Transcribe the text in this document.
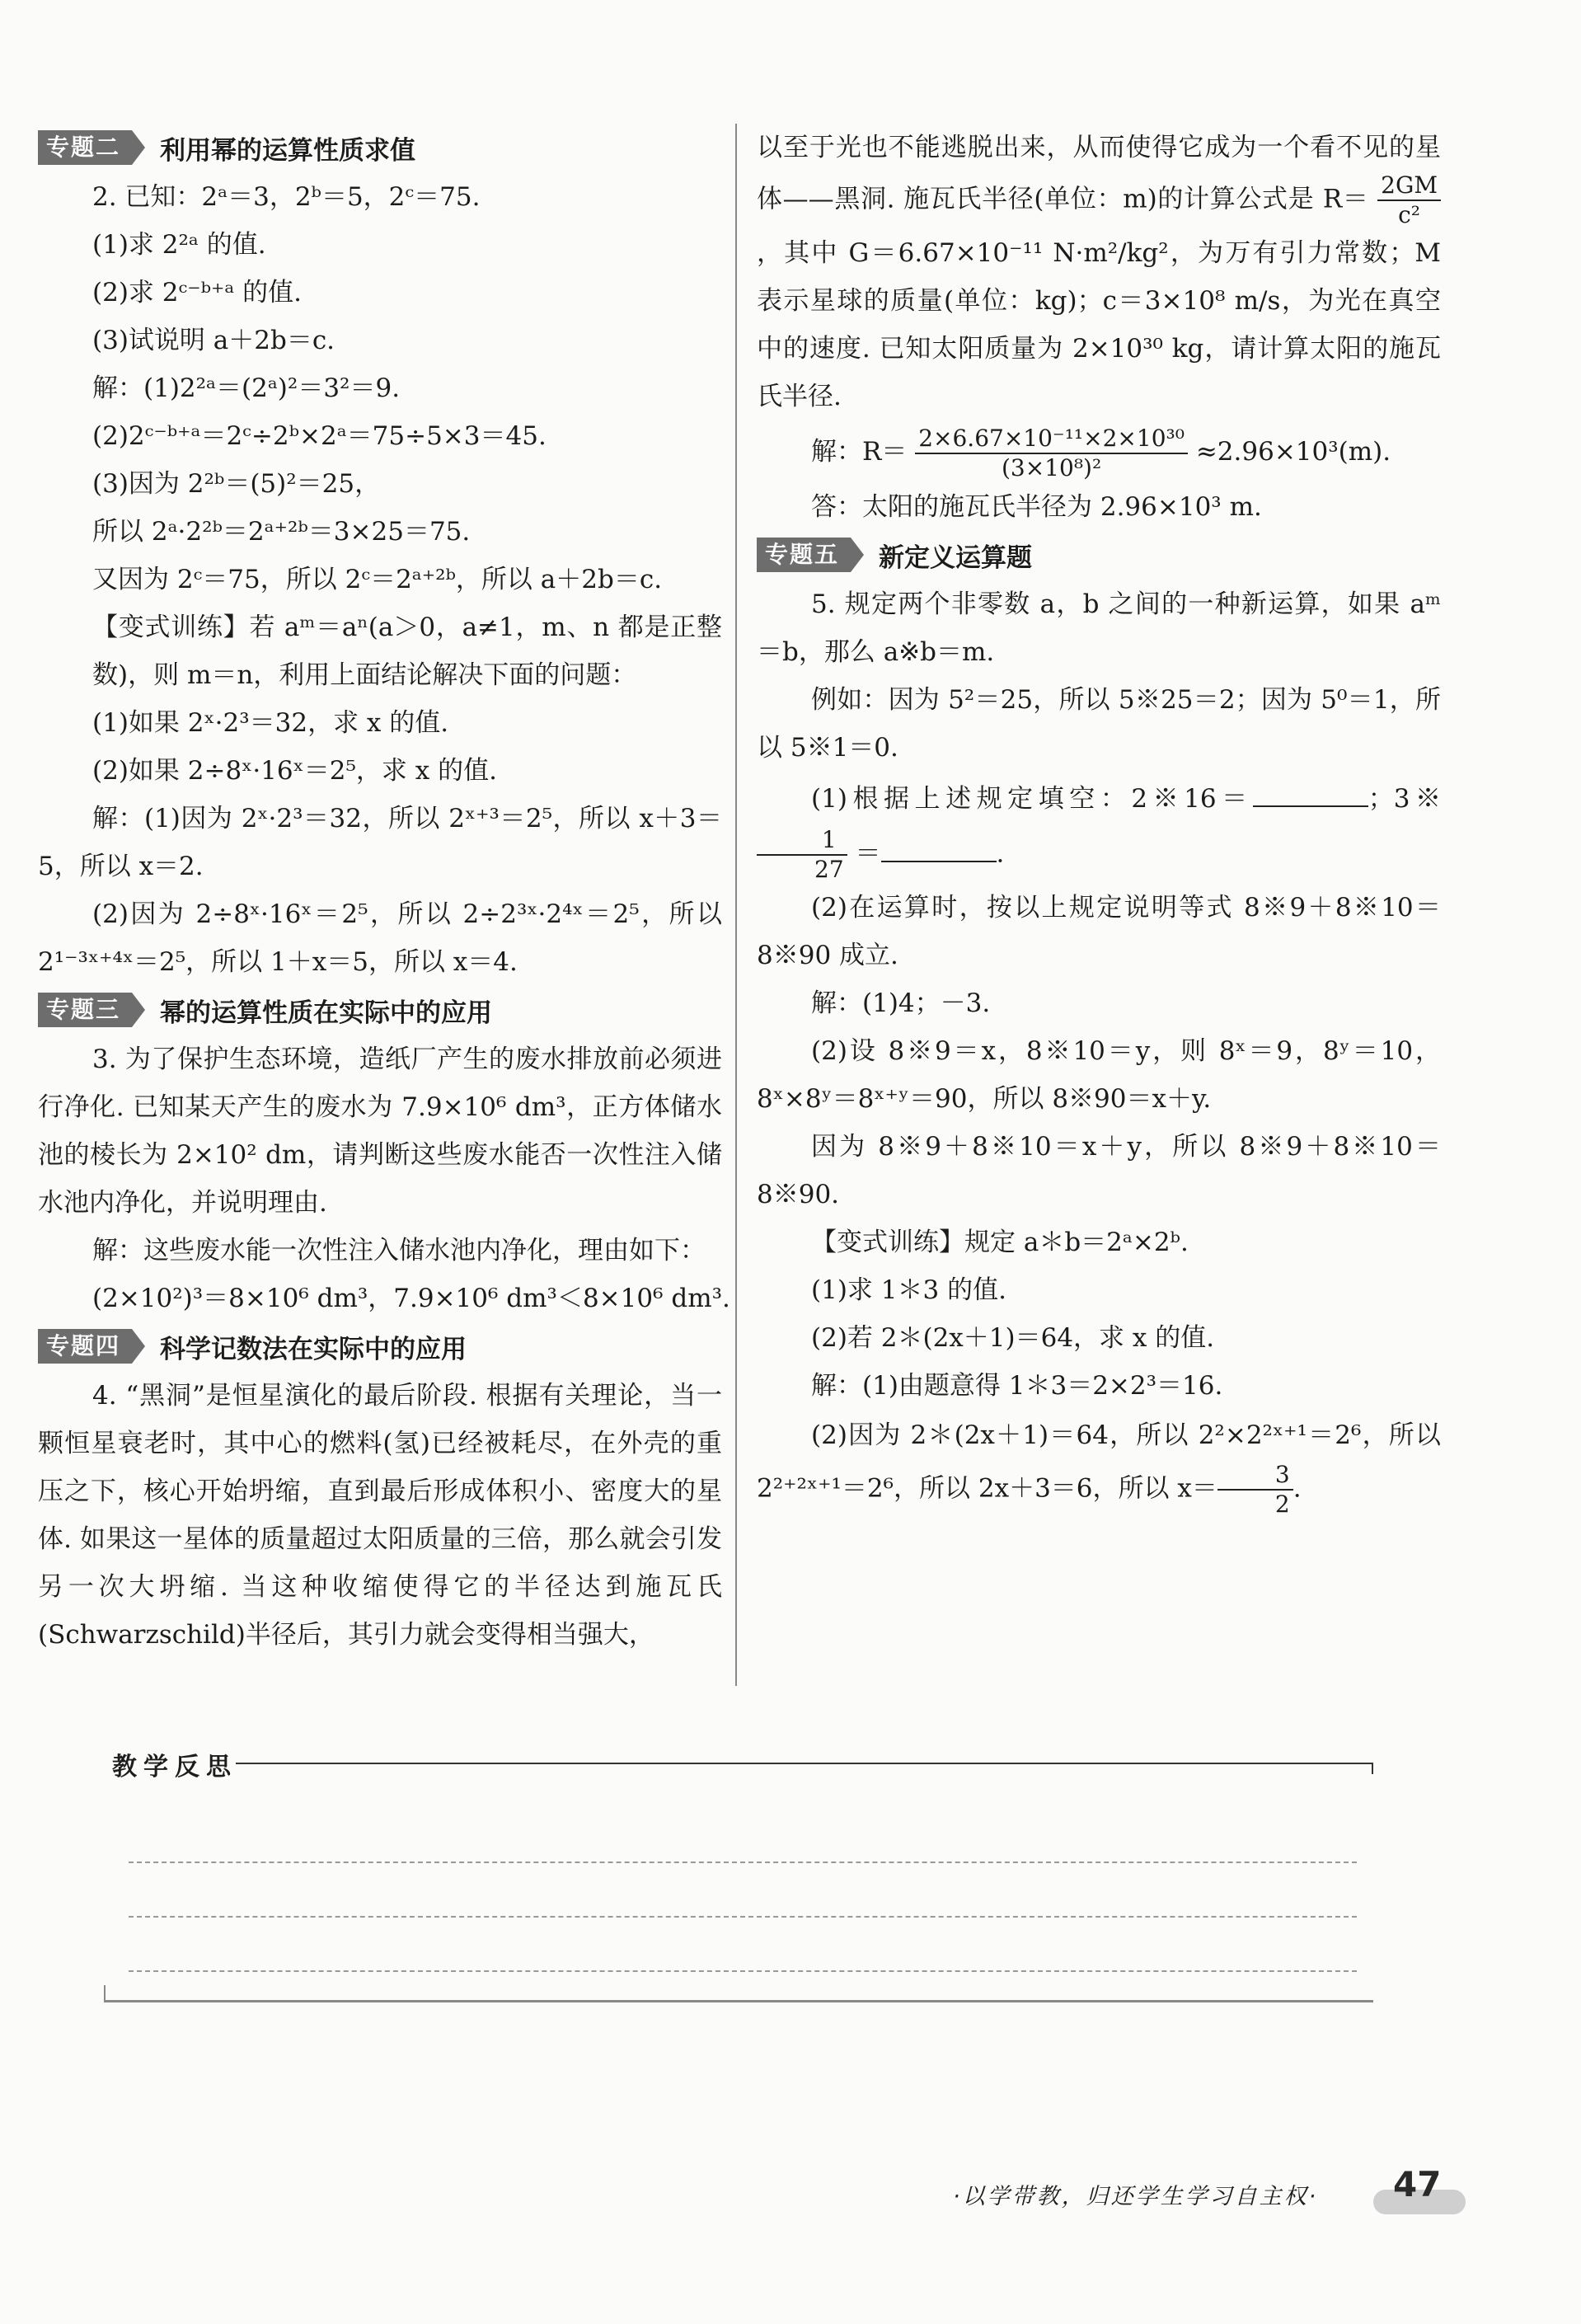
专题二	利用幂的运算性质求值

2. 已知：2ᵃ＝3，2ᵇ＝5，2ᶜ＝75.

(1)求 2²ᵃ 的值.

(2)求 2ᶜ⁻ᵇ⁺ᵃ 的值.

(3)试说明 a＋2b＝c.

解：(1)2²ᵃ＝(2ᵃ)²＝3²＝9.

(2)2ᶜ⁻ᵇ⁺ᵃ＝2ᶜ÷2ᵇ×2ᵃ＝75÷5×3＝45.

(3)因为 2²ᵇ＝(5)²＝25，

所以 2ᵃ·2²ᵇ＝2ᵃ⁺²ᵇ＝3×25＝75.

又因为 2ᶜ＝75，所以 2ᶜ＝2ᵃ⁺²ᵇ，所以 a＋2b＝c.

【变式训练】若 aᵐ＝aⁿ(a＞0，a≠1，m、n 都是正整数)，则 m＝n，利用上面结论解决下面的问题：

(1)如果 2ˣ·2³＝32，求 x 的值.

(2)如果 2÷8ˣ·16ˣ＝2⁵，求 x 的值.

解：(1)因为 2ˣ·2³＝32，所以 2ˣ⁺³＝2⁵，所以 x＋3＝5，所以 x＝2.

(2)因为 2÷8ˣ·16ˣ＝2⁵，所以 2÷2³ˣ·2⁴ˣ＝2⁵，所以 2¹⁻³ˣ⁺⁴ˣ＝2⁵，所以 1＋x＝5，所以 x＝4.

专题三	幂的运算性质在实际中的应用

3. 为了保护生态环境，造纸厂产生的废水排放前必须进行净化. 已知某天产生的废水为 7.9×10⁶ dm³，正方体储水池的棱长为 2×10² dm，请判断这些废水能否一次性注入储水池内净化，并说明理由.

解：这些废水能一次性注入储水池内净化，理由如下：

(2×10²)³＝8×10⁶ dm³，7.9×10⁶ dm³＜8×10⁶ dm³.

专题四	科学记数法在实际中的应用

4. “黑洞”是恒星演化的最后阶段. 根据有关理论，当一颗恒星衰老时，其中心的燃料(氢)已经被耗尽，在外壳的重压之下，核心开始坍缩，直到最后形成体积小、密度大的星体. 如果这一星体的质量超过太阳质量的三倍，那么就会引发另一次大坍缩. 当这种收缩使得它的半径达到施瓦氏(Schwarzschild)半径后，其引力就会变得相当强大，

以至于光也不能逃脱出来，从而使得它成为一个看不见的星体——黑洞. 施瓦氏半径(单位：m)的计算公式是 $R= \frac{2GM}{\text{c²}}$
，其中 G＝6.67×10⁻¹¹ N·m²/kg²，为万有引力常数；M 表示星球的质量(单位：kg)；c＝3×10⁸ m/s，为光在真空中的速度. 已知太阳质量为 2×10³⁰ kg，请计算太阳的施瓦氏半径.

解：$R= \frac{\text{2×6.67×10⁻¹¹×2×10³⁰}}{\text{(3×10⁸)²}} \approx 2.96\times 10^3(m)$.

答：太阳的施瓦氏半径为 2.96×10³ m.

专题五	新定义运算题

5. 规定两个非零数 a，b 之间的一种新运算，如果 aᵐ＝b，那么 a※b＝m.

例如：因为 5²＝25，所以 5※25＝2；因为 5⁰＝1，所以 5※1＝0.

(1)根据上述规定填空：2※16＝	；3※
$\frac{1}{27}$ ＝	.

(2)在运算时，按以上规定说明等式 8※9＋8※10＝8※90 成立.

解：(1)4；－3.

(2)设 8※9＝x，8※10＝y，则 8ˣ＝9，8ʸ＝10，8ˣ×8ʸ＝8ˣ⁺ʸ＝90，所以 8※90＝x＋y.

因为 8※9＋8※10＝x＋y，所以 8※9＋8※10＝8※90.

【变式训练】规定 a＊b＝2ᵃ×2ᵇ.

(1)求 1＊3 的值.

(2)若 2＊(2x＋1)＝64，求 x 的值.

解：(1)由题意得 1＊3＝2×2³＝16.

(2)因为 2＊(2x＋1)＝64，所以 2²×2²ˣ⁺¹＝2⁶，所以 2²⁺²ˣ⁺¹＝2⁶，所以 2x＋3＝6，所以 $x= \frac{3}{2}$ .

教学反思
·以学带教，归还学生学习自主权· 47
